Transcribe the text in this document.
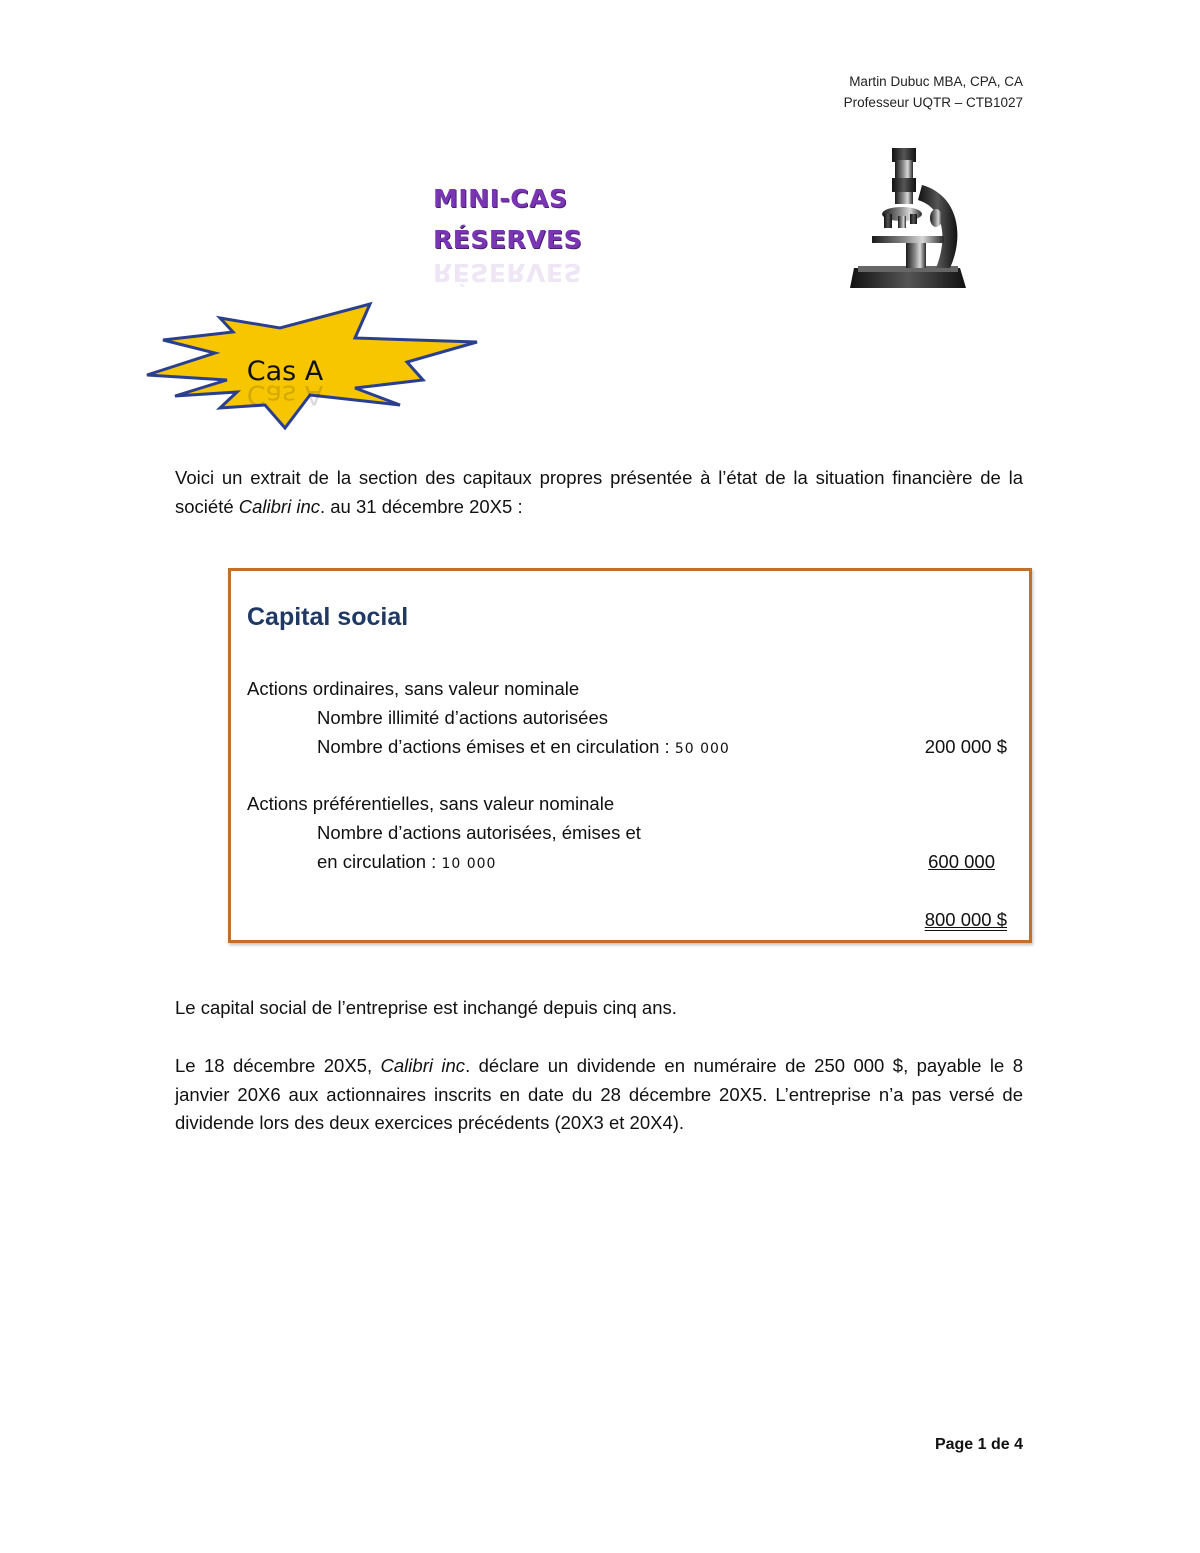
Martin Dubuc MBA, CPA, CA
Professeur UQTR – CTB1027
MINI-CAS
RÉSERVES
RÉSERVES
Cas A
Cas A
Voici un extrait de la section des capitaux propres présentée à l’état de la situation financière de la société Calibri inc. au 31 décembre 20X5 :
Capital social
Actions ordinaires, sans valeur nominale
Nombre illimité d’actions autorisées
Nombre d’actions émises et en circulation : 50 000	200 000 $
Actions préférentielles, sans valeur nominale
Nombre d’actions autorisées, émises et
en circulation : 10 000	600 000
800 000 $
Le capital social de l’entreprise est inchangé depuis cinq ans.
Le 18 décembre 20X5, Calibri inc. déclare un dividende en numéraire de 250 000 $, payable le 8 janvier 20X6 aux actionnaires inscrits en date du 28 décembre 20X5. L’entreprise n’a pas versé de dividende lors des deux exercices précédents (20X3 et 20X4).
Page 1 de 4
